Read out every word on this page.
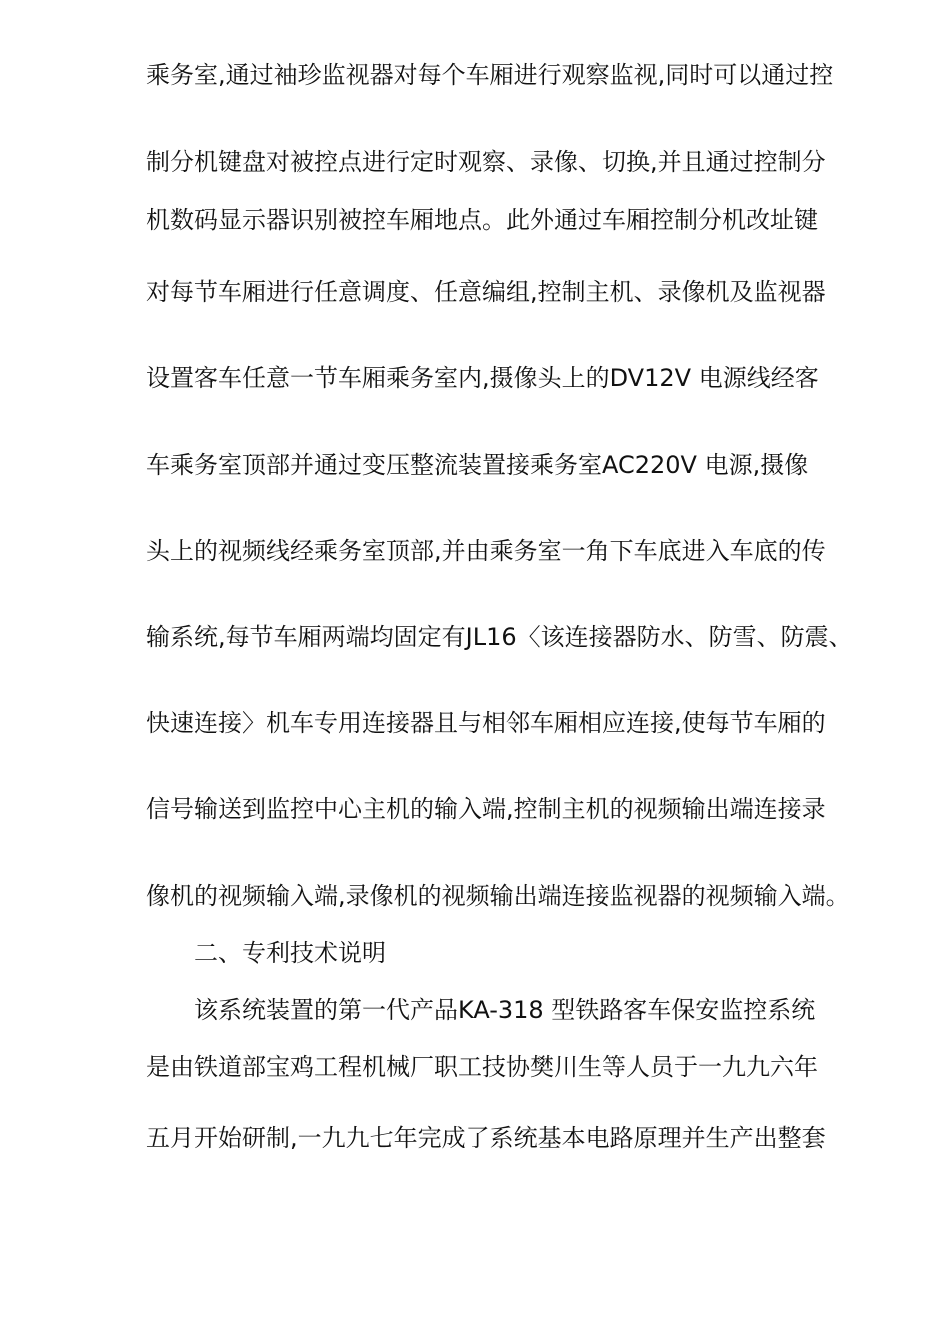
乘务室,通过袖珍监视器对每个车厢进行观察监视,同时可以通过控
制分机键盘对被控点进行定时观察、录像、切换,并且通过控制分
机数码显示器识别被控车厢地点。此外通过车厢控制分机改址键
对每节车厢进行任意调度、任意编组,控制主机、录像机及监视器
设置客车任意一节车厢乘务室内,摄像头上的DV12V 电源线经客
车乘务室顶部并通过变压整流装置接乘务室AC220V 电源,摄像
头上的视频线经乘务室顶部,并由乘务室一角下车底进入车底的传
输系统,每节车厢两端均固定有JL16〈该连接器防水、防雪、防震、
快速连接〉机车专用连接器且与相邻车厢相应连接,使每节车厢的
信号输送到监控中心主机的输入端,控制主机的视频输出端连接录
像机的视频输入端,录像机的视频输出端连接监视器的视频输入端。
二、专利技术说明
该系统装置的第一代产品KA-318 型铁路客车保安监控系统
是由铁道部宝鸡工程机械厂职工技协樊川生等人员于一九九六年
五月开始研制,一九九七年完成了系统基本电路原理并生产出整套
